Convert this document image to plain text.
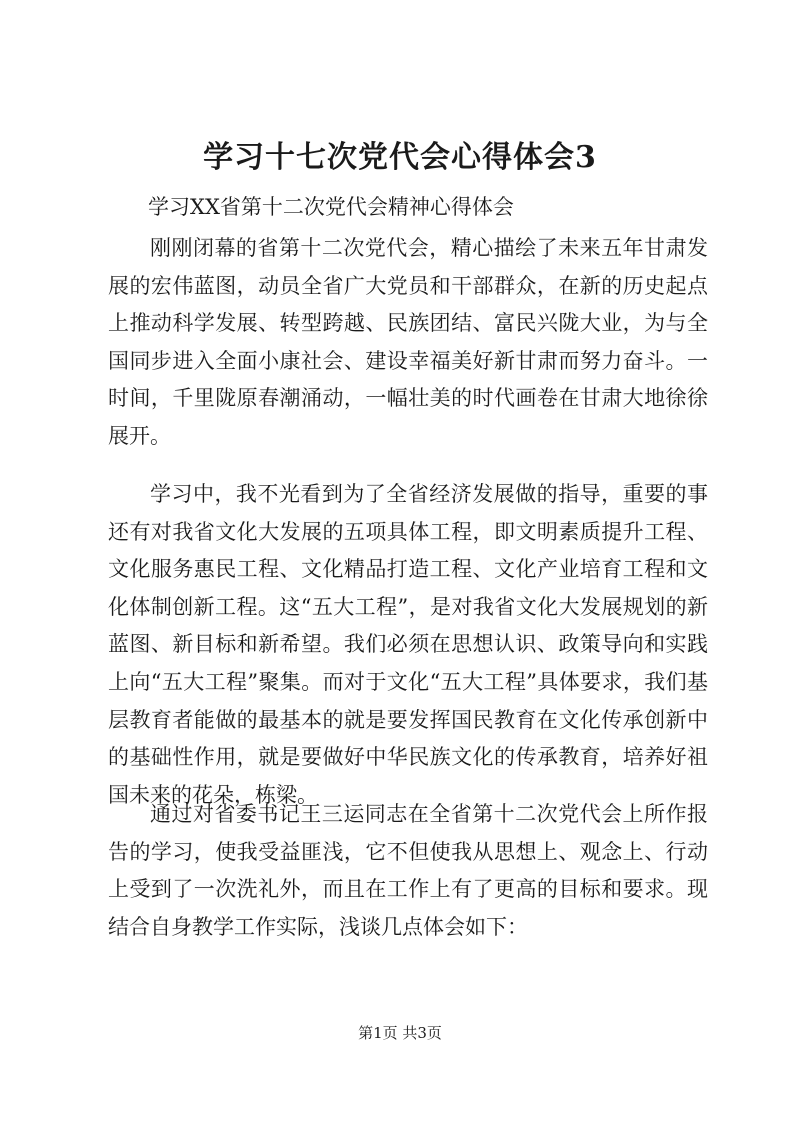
学习十七次党代会心得体会3

学习XX省第十二次党代会精神心得体会

刚刚闭幕的省第十二次党代会，精心描绘了未来五年甘肃发展的宏伟蓝图，动员全省广大党员和干部群众，在新的历史起点上推动科学发展、转型跨越、民族团结、富民兴陇大业，为与全国同步进入全面小康社会、建设幸福美好新甘肃而努力奋斗。一时间，千里陇原春潮涌动，一幅壮美的时代画卷在甘肃大地徐徐展开。

学习中，我不光看到为了全省经济发展做的指导，重要的事还有对我省文化大发展的五项具体工程，即文明素质提升工程、文化服务惠民工程、文化精品打造工程、文化产业培育工程和文化体制创新工程。这“五大工程”，是对我省文化大发展规划的新蓝图、新目标和新希望。我们必须在思想认识、政策导向和实践上向“五大工程”聚集。而对于文化“五大工程”具体要求，我们基层教育者能做的最基本的就是要发挥国民教育在文化传承创新中的基础性作用，就是要做好中华民族文化的传承教育，培养好祖国未来的花朵，栋梁。

通过对省委书记王三运同志在全省第十二次党代会上所作报告的学习，使我受益匪浅，它不但使我从思想上、观念上、行动上受到了一次洗礼外，而且在工作上有了更高的目标和要求。现结合自身教学工作实际，浅谈几点体会如下：

第1页 共3页
